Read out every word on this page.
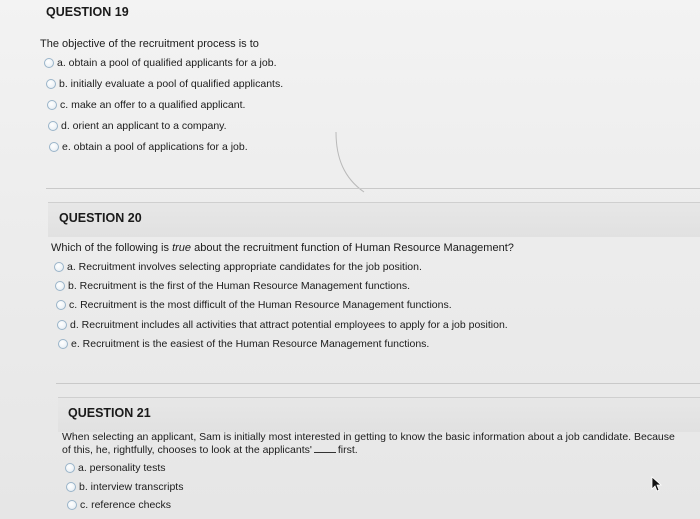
QUESTION 19
The objective of the recruitment process is to
a. obtain a pool of qualified applicants for a job.
b. initially evaluate a pool of qualified applicants.
c. make an offer to a qualified applicant.
d. orient an applicant to a company.
e. obtain a pool of applications for a job.
QUESTION 20
Which of the following is true about the recruitment function of Human Resource Management?
a. Recruitment involves selecting appropriate candidates for the job position.
b. Recruitment is the first of the Human Resource Management functions.
c. Recruitment is the most difficult of the Human Resource Management functions.
d. Recruitment includes all activities that attract potential employees to apply for a job position.
e. Recruitment is the easiest of the Human Resource Management functions.
QUESTION 21
When selecting an applicant, Sam is initially most interested in getting to know the basic information about a job candidate. Because
of this, he, rightfully, chooses to look at the applicants' first.
a. personality tests
b. interview transcripts
c. reference checks
